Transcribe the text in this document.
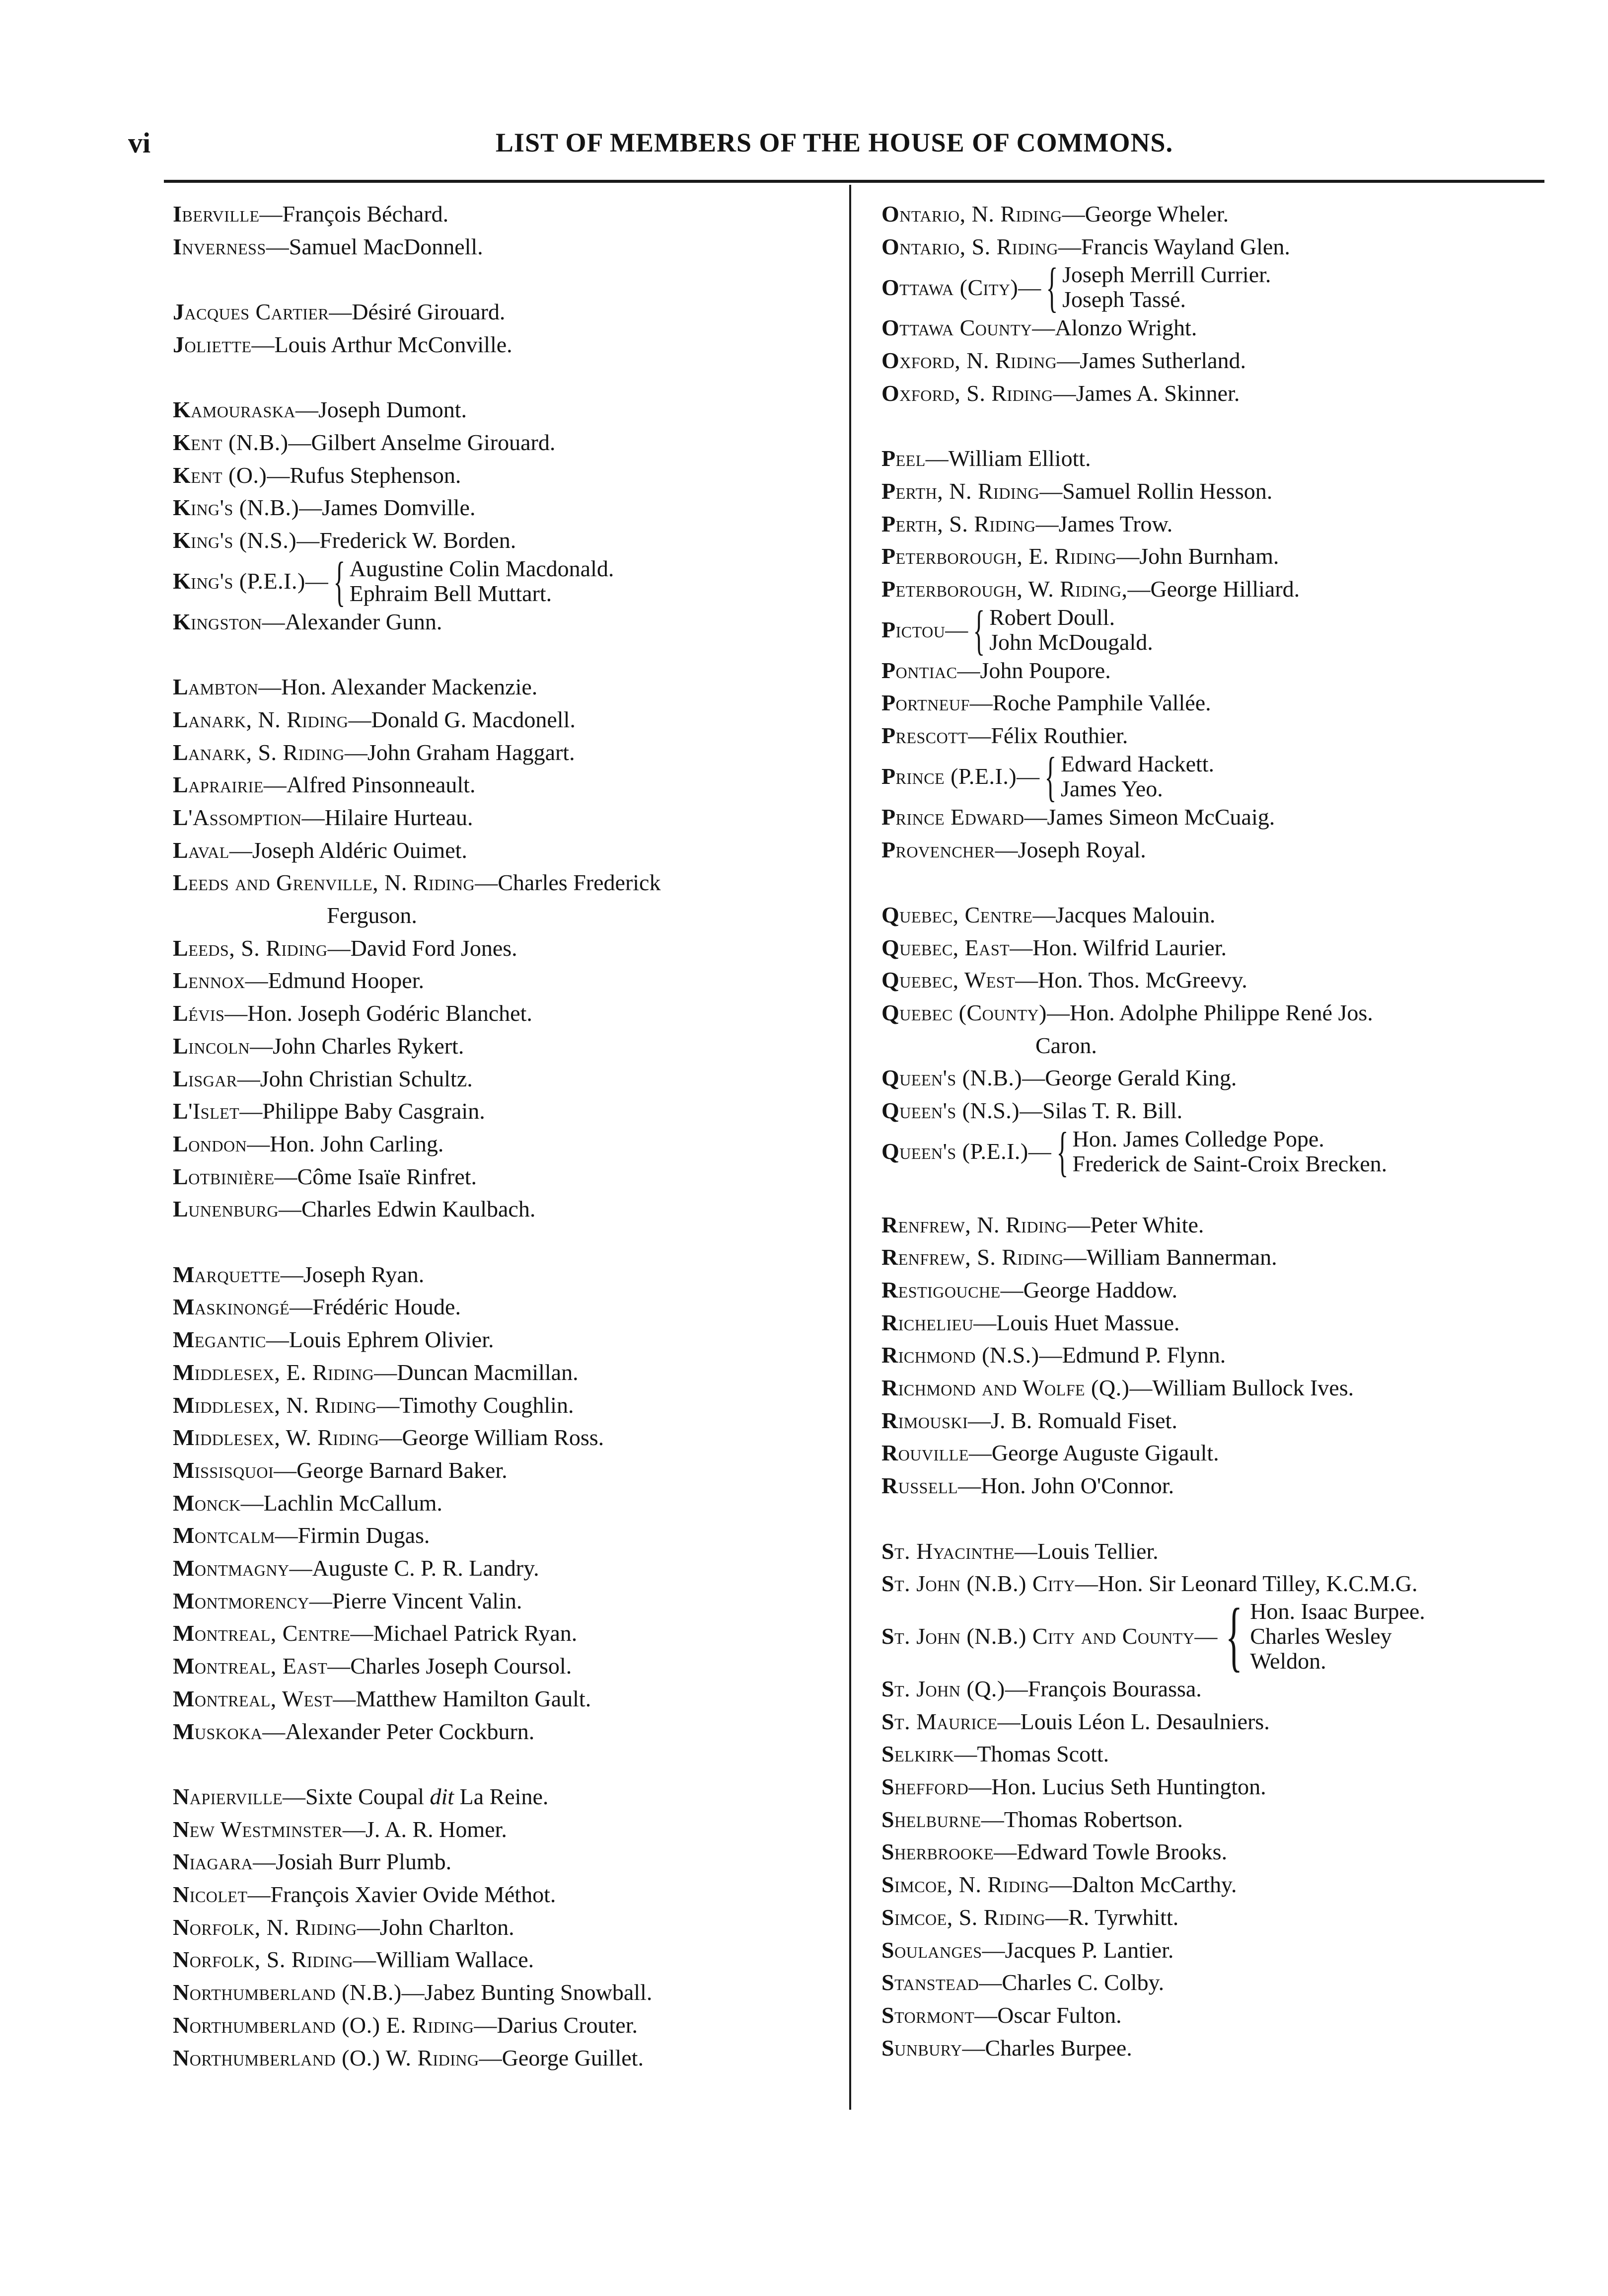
vi	LIST OF MEMBERS OF THE HOUSE OF COMMONS.
Iberville—François Béchard.
Inverness—Samuel MacDonnell.
Jacques Cartier—Désiré Girouard.
Joliette—Louis Arthur McConville.
Kamouraska—Joseph Dumont.
Kent (N.B.)—Gilbert Anselme Girouard.
Kent (O.)—Rufus Stephenson.
King's (N.B.)—James Domville.
King's (N.S.)—Frederick W. Borden.
King's (P.E.I.) — { Augustine Colin Macdonald.
Ephraim Bell Muttart.
Kingston—Alexander Gunn.
Lambton—Hon. Alexander Mackenzie.
Lanark, N. Riding—Donald G. Macdonell.
Lanark, S. Riding—John Graham Haggart.
Laprairie—Alfred Pinsonneault.
L'Assomption—Hilaire Hurteau.
Laval—Joseph Aldéric Ouimet.
Leeds and Grenville, N. Riding—Charles Frederick
Ferguson.
Leeds, S. Riding—David Ford Jones.
Lennox—Edmund Hooper.
Lévis—Hon. Joseph Godéric Blanchet.
Lincoln—John Charles Rykert.
Lisgar—John Christian Schultz.
L'Islet—Philippe Baby Casgrain.
London—Hon. John Carling.
Lotbinière—Côme Isaïe Rinfret.
Lunenburg—Charles Edwin Kaulbach.
Marquette—Joseph Ryan.
Maskinongé—Frédéric Houde.
Megantic—Louis Ephrem Olivier.
Middlesex, E. Riding—Duncan Macmillan.
Middlesex, N. Riding—Timothy Coughlin.
Middlesex, W. Riding—George William Ross.
Missisquoi—George Barnard Baker.
Monck—Lachlin McCallum.
Montcalm—Firmin Dugas.
Montmagny—Auguste C. P. R. Landry.
Montmorency—Pierre Vincent Valin.
Montreal, Centre—Michael Patrick Ryan.
Montreal, East—Charles Joseph Coursol.
Montreal, West—Matthew Hamilton Gault.
Muskoka—Alexander Peter Cockburn.
Napierville—Sixte Coupal dit La Reine.
New Westminster—J. A. R. Homer.
Niagara—Josiah Burr Plumb.
Nicolet—François Xavier Ovide Méthot.
Norfolk, N. Riding—John Charlton.
Norfolk, S. Riding—William Wallace.
Northumberland (N.B.)—Jabez Bunting Snowball.
Northumberland (O.) E. Riding—Darius Crouter.
Northumberland (O.) W. Riding—George Guillet.
Ontario, N. Riding—George Wheler.
Ontario, S. Riding—Francis Wayland Glen.
Ottawa (City) — { Joseph Merrill Currier.
Joseph Tassé.
Ottawa County—Alonzo Wright.
Oxford, N. Riding—James Sutherland.
Oxford, S. Riding—James A. Skinner.
Peel—William Elliott.
Perth, N. Riding—Samuel Rollin Hesson.
Perth, S. Riding—James Trow.
Peterborough, E. Riding—John Burnham.
Peterborough, W. Riding,—George Hilliard.
Pictou — { Robert Doull.
John McDougald.
Pontiac—John Poupore.
Portneuf—Roche Pamphile Vallée.
Prescott—Félix Routhier.
Prince (P.E.I.) — { Edward Hackett.
James Yeo.
Prince Edward—James Simeon McCuaig.
Provencher—Joseph Royal.
Quebec, Centre—Jacques Malouin.
Quebec, East—Hon. Wilfrid Laurier.
Quebec, West—Hon. Thos. McGreevy.
Quebec (County)—Hon. Adolphe Philippe René Jos.
Caron.
Queen's (N.B.)—George Gerald King.
Queen's (N.S.)—Silas T. R. Bill.
Queen's (P.E.I.) — { Hon. James Colledge Pope.
Frederick de Saint-Croix Brecken.
Renfrew, N. Riding—Peter White.
Renfrew, S. Riding—William Bannerman.
Restigouche—George Haddow.
Richelieu—Louis Huet Massue.
Richmond (N.S.)—Edmund P. Flynn.
Richmond and Wolfe (Q.)—William Bullock Ives.
Rimouski—J. B. Romuald Fiset.
Rouville—George Auguste Gigault.
Russell—Hon. John O'Connor.
St. Hyacinthe—Louis Tellier.
St. John (N.B.) City—Hon. Sir Leonard Tilley, K.C.M.G.
St. John (N.B.) City and County — { Hon. Isaac Burpee.
Charles Wesley
Weldon.
St. John (Q.)—François Bourassa.
St. Maurice—Louis Léon L. Desaulniers.
Selkirk—Thomas Scott.
Shefford—Hon. Lucius Seth Huntington.
Shelburne—Thomas Robertson.
Sherbrooke—Edward Towle Brooks.
Simcoe, N. Riding—Dalton McCarthy.
Simcoe, S. Riding—R. Tyrwhitt.
Soulanges—Jacques P. Lantier.
Stanstead—Charles C. Colby.
Stormont—Oscar Fulton.
Sunbury—Charles Burpee.
